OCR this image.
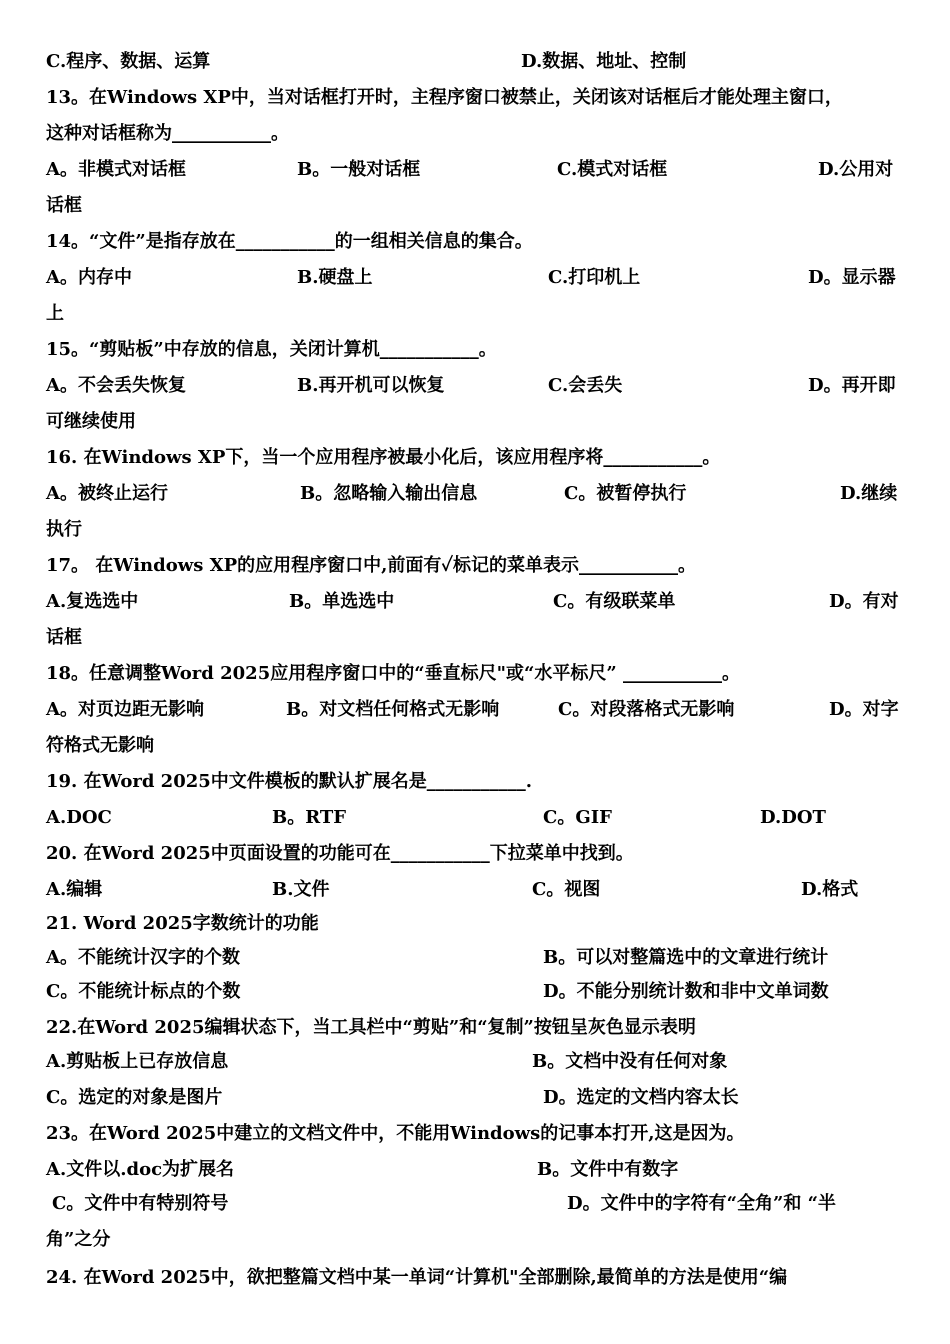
C.程序、数据、运算	D.数据、地址、控制
13。在Windows XP中，当对话框打开时，主程序窗口被禁止，关闭该对话框后才能处理主窗口，
这种对话框称为___________。
A。非模式对话框	B。一般对话框	C.模式对话框	D.公用对
话框
14。“文件”是指存放在___________的一组相关信息的集合。
A。内存中	B.硬盘上	C.打印机上	D。显示器
上
15。“剪贴板”中存放的信息，关闭计算机___________。
A。不会丢失恢复	B.再开机可以恢复	C.会丢失	D。再开即
可继续使用
16. 在Windows XP下，当一个应用程序被最小化后，该应用程序将___________。
A。被终止运行	B。忽略输入输出信息	C。被暂停执行	D.继续
执行
17。 在Windows XP的应用程序窗口中,前面有✓标记的菜单表示___________。
A.复选选中	B。单选选中	C。有级联菜单	D。有对
话框
18。任意调整Word 2025应用程序窗口中的“垂直标尺"或“水平标尺” ___________。
A。对页边距无影响	B。对文档任何格式无影响	C。对段落格式无影响	D。对字
符格式无影响
19. 在Word 2025中文件模板的默认扩展名是___________.
A.DOC	B。RTF	C。GIF	D.DOT
20. 在Word 2025中页面设置的功能可在___________下拉菜单中找到。
A.编辑	B.文件	C。视图	D.格式
21. Word 2025字数统计的功能
A。不能统计汉字的个数	B。可以对整篇选中的文章进行统计
C。不能统计标点的个数	D。不能分别统计数和非中文单词数
22.在Word 2025编辑状态下，当工具栏中“剪贴”和“复制”按钮呈灰色显示表明
A.剪贴板上已存放信息	B。文档中没有任何对象
C。选定的对象是图片	D。选定的文档内容太长
23。在Word 2025中建立的文档文件中，不能用Windows的记事本打开,这是因为。
A.文件以.doc为扩展名	B。文件中有数字
C。文件中有特别符号	D。文件中的字符有“全角”和 “半
角”之分
24. 在Word 2025中，欲把整篇文档中某一单词“计算机"全部删除,最简单的方法是使用“编
